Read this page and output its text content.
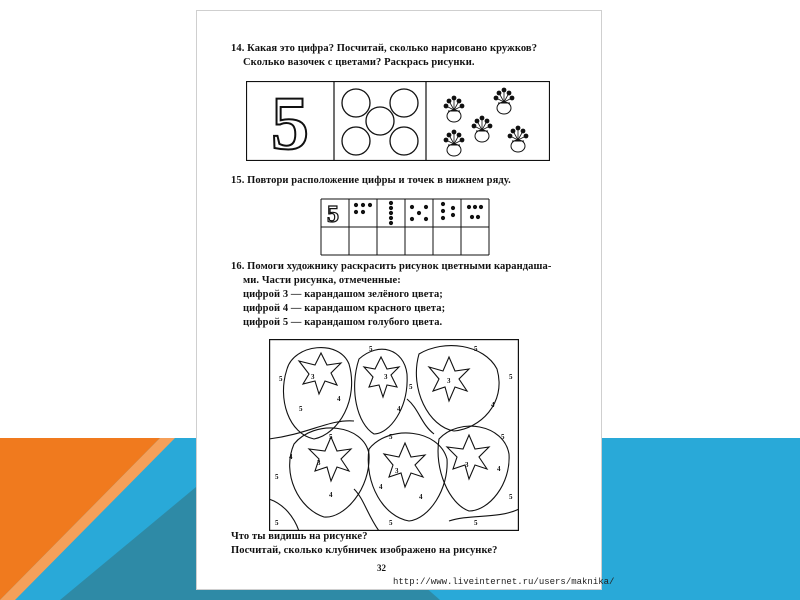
14. Какая это цифра? Посчитай, сколько нарисовано кружков?
Сколько вазочек с цветами? Раскрась рисунки.
5
15. Повтори расположение цифры и точек в нижнем ряду.
5
16. Помоги художнику раскрасить рисунок цветными карандаша-
ми. Части рисунка, отмеченные:
цифрой 3 — карандашом зелёного цвета;
цифрой 4 — карандашом красного цвета;
цифрой 5 — карандашом голубого цвета.
5
5
5
5
5
5
5
5	5	5
5
5	5	5
3	3	3
3
3
3
4
4	4
4
4	4
4
4
Что ты видишь на рисунке?
Посчитай, сколько клубничек изображено на рисунке?
32
http://www.liveinternet.ru/users/maknika/
